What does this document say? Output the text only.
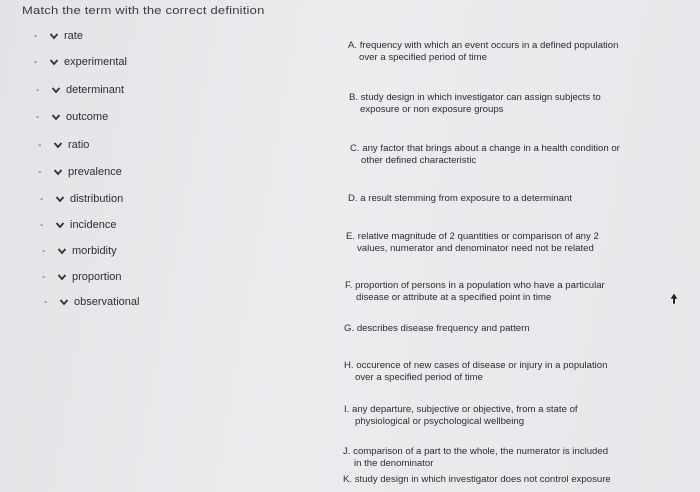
Match the term with the correct definition
-	rate
-	experimental
-	determinant
-	outcome
-	ratio
-	prevalence
-	distribution
-	incidence
-	morbidity
-	proportion
-	observational
A. frequency with which an event occurs in a defined population
over a specified period of time
B. study design in which investigator can assign subjects to
exposure or non exposure groups
C. any factor that brings about a change in a health condition or
other defined characteristic
D. a result stemming from exposure to a determinant
E. relative magnitude of 2 quantities or comparison of any 2
values, numerator and denominator need not be related
F. proportion of persons in a population who have a particular
disease or attribute at a specified point in time
G. describes disease frequency and pattern
H. occurence of new cases of disease or injury in a population
over a specified period of time
I. any departure, subjective or objective, from a state of
physiological or psychological wellbeing
J. comparison of a part to the whole, the numerator is included
in the denominator
K. study design in which investigator does not control exposure
